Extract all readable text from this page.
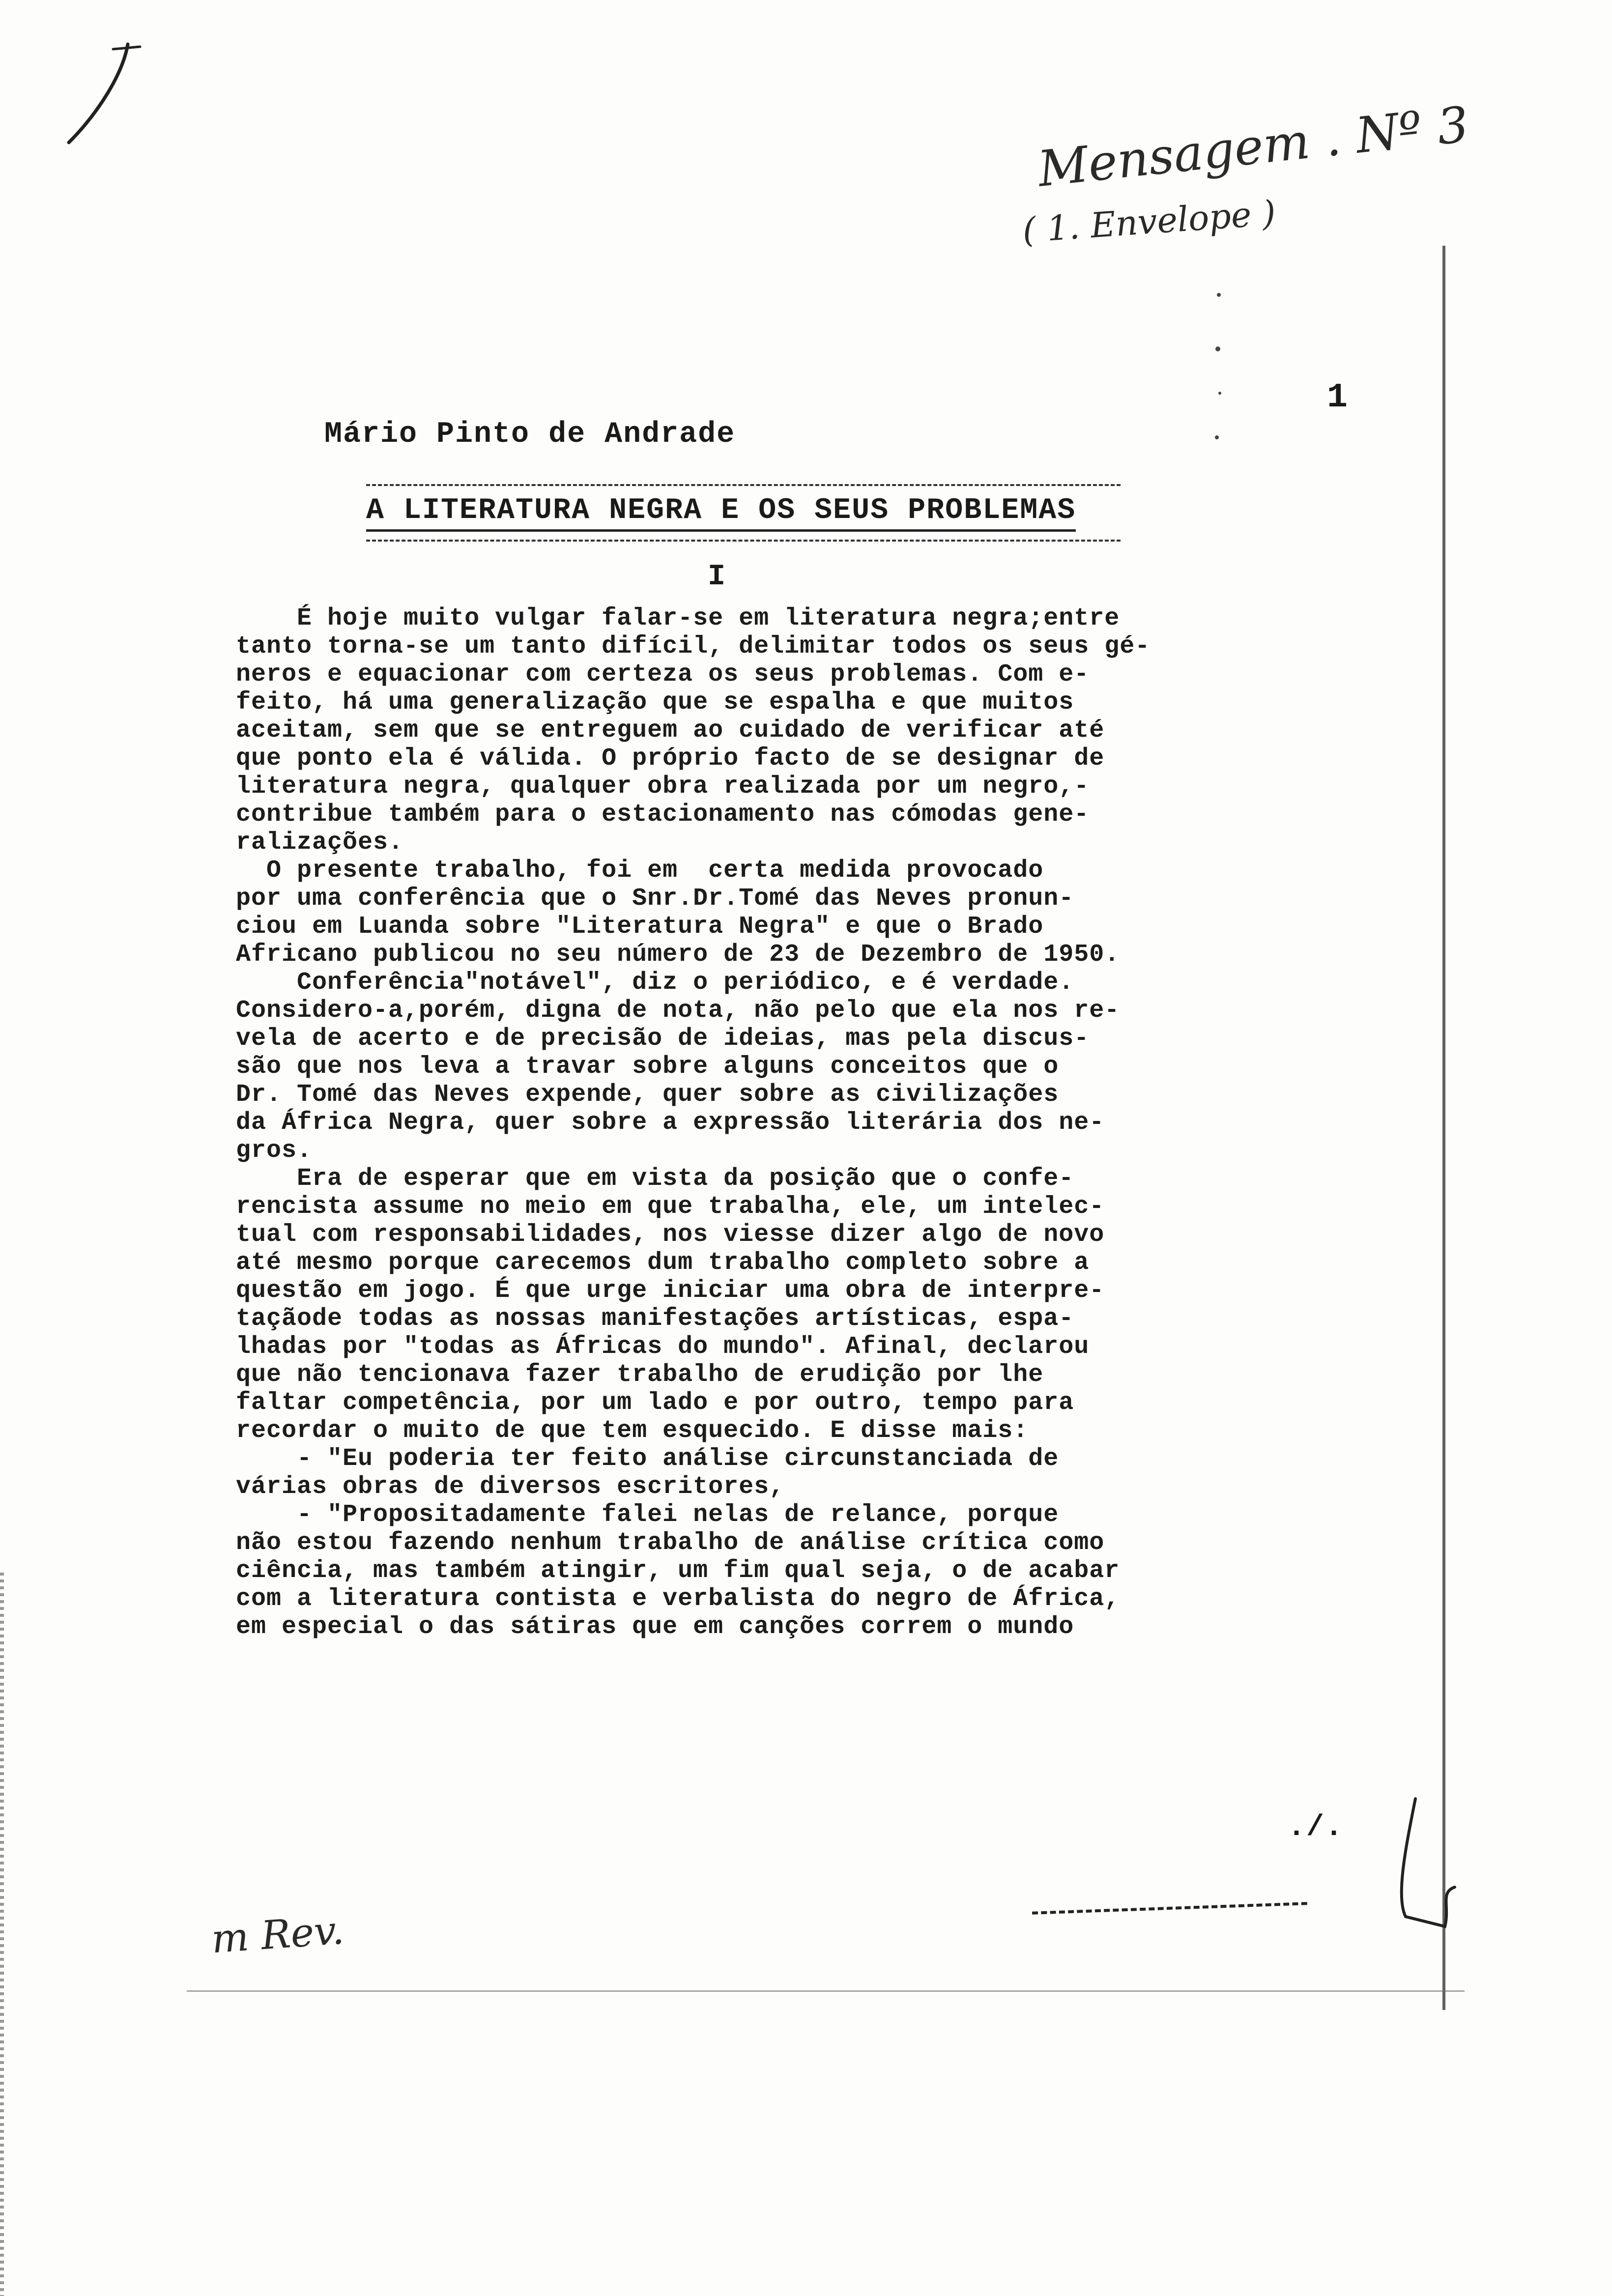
Mensagem . Nº 3
( 1. Envelope )
1
Mário Pinto de Andrade
A LITERATURA NEGRA E OS SEUS PROBLEMAS
I
É hoje muito vulgar falar-se em literatura negra;entre
tanto torna-se um tanto difícil, delimitar todos os seus gé-
neros e equacionar com certeza os seus problemas. Com e-
feito, há uma generalização que se espalha e que muitos
aceitam, sem que se entreguem ao cuidado de verificar até
que ponto ela é válida. O próprio facto de se designar de
literatura negra, qualquer obra realizada por um negro,-
contribue também para o estacionamento nas cómodas gene-
ralizações.
O presente trabalho, foi em  certa medida provocado
por uma conferência que o Snr.Dr.Tomé das Neves pronun-
ciou em Luanda sobre "Literatura Negra" e que o Brado
Africano publicou no seu número de 23 de Dezembro de 1950.
Conferência"notável", diz o periódico, e é verdade.
Considero-a,porém, digna de nota, não pelo que ela nos re-
vela de acerto e de precisão de ideias, mas pela discus-
são que nos leva a travar sobre alguns conceitos que o
Dr. Tomé das Neves expende, quer sobre as civilizações
da África Negra, quer sobre a expressão literária dos ne-
gros.
Era de esperar que em vista da posição que o confe-
rencista assume no meio em que trabalha, ele, um intelec-
tual com responsabilidades, nos viesse dizer algo de novo
até mesmo porque carecemos dum trabalho completo sobre a
questão em jogo. É que urge iniciar uma obra de interpre-
taçãode todas as nossas manifestações artísticas, espa-
lhadas por "todas as Áfricas do mundo". Afinal, declarou
que não tencionava fazer trabalho de erudição por lhe
faltar competência, por um lado e por outro, tempo para
recordar o muito de que tem esquecido. E disse mais:
- "Eu poderia ter feito análise circunstanciada de
várias obras de diversos escritores,
- "Propositadamente falei nelas de relance, porque
não estou fazendo nenhum trabalho de análise crítica como
ciência, mas também atingir, um fim qual seja, o de acabar
com a literatura contista e verbalista do negro de África,
em especial o das sátiras que em canções correm o mundo
./.
m Rev.
